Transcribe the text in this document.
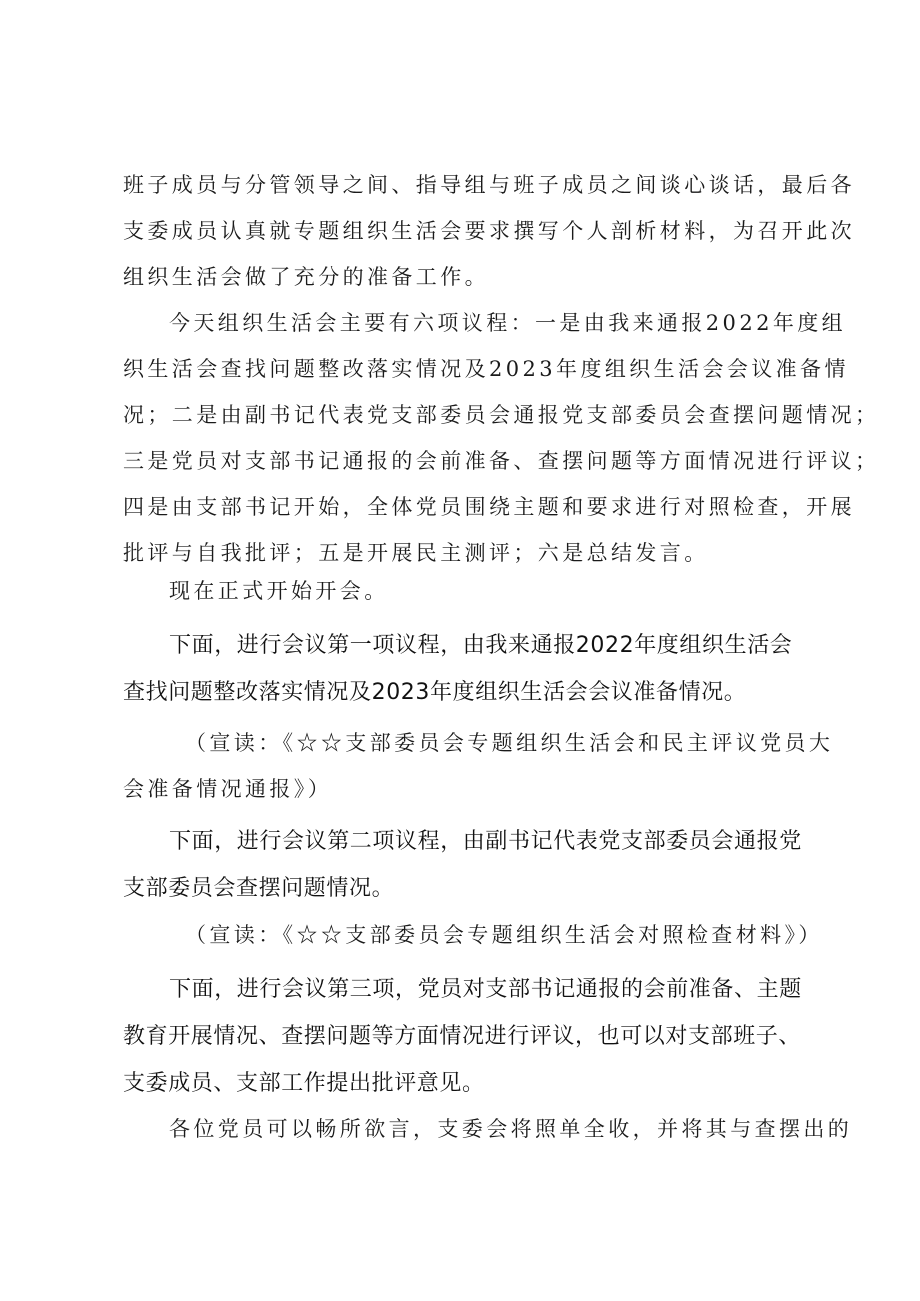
班子成员与分管领导之间、指导组与班子成员之间谈心谈话，最后各
支委成员认真就专题组织生活会要求撰写个人剖析材料，为召开此次
组织生活会做了充分的准备工作。
今天组织生活会主要有六项议程：一是由我来通报2022年度组
织生活会查找问题整改落实情况及2023年度组织生活会会议准备情
况；二是由副书记代表党支部委员会通报党支部委员会查摆问题情况；
三是党员对支部书记通报的会前准备、查摆问题等方面情况进行评议；
四是由支部书记开始，全体党员围绕主题和要求进行对照检查，开展
批评与自我批评；五是开展民主测评；六是总结发言。
现在正式开始开会。
下面，进行会议第一项议程，由我来通报2022年度组织生活会
查找问题整改落实情况及2023年度组织生活会会议准备情况。
（宣读：《☆☆支部委员会专题组织生活会和民主评议党员大
会准备情况通报》）
下面，进行会议第二项议程，由副书记代表党支部委员会通报党
支部委员会查摆问题情况。
（宣读：《☆☆支部委员会专题组织生活会对照检查材料》）
下面，进行会议第三项，党员对支部书记通报的会前准备、主题
教育开展情况、查摆问题等方面情况进行评议，也可以对支部班子、
支委成员、支部工作提出批评意见。
各位党员可以畅所欲言，支委会将照单全收，并将其与查摆出的
